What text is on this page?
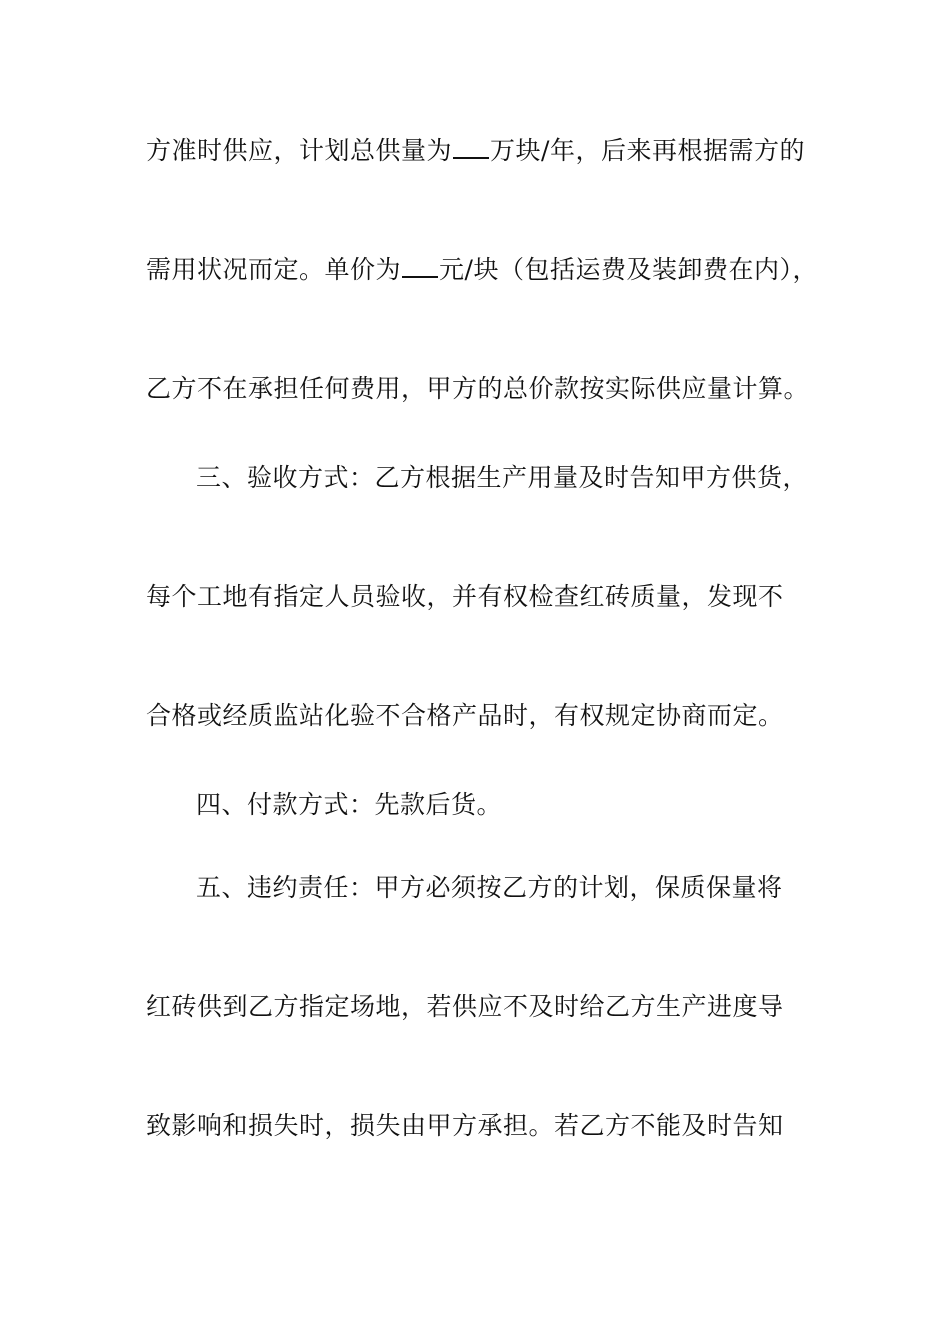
方准时供应，计划总供量为 万块/年，后来再根据需方的
需用状况而定。单价为 元/块（包括运费及装卸费在内），
乙方不在承担任何费用，甲方的总价款按实际供应量计算。
三、验收方式：乙方根据生产用量及时告知甲方供货，
每个工地有指定人员验收，并有权检查红砖质量，发现不
合格或经质监站化验不合格产品时，有权规定协商而定。
四、付款方式：先款后货。
五、违约责任：甲方必须按乙方的计划，保质保量将
红砖供到乙方指定场地，若供应不及时给乙方生产进度导
致影响和损失时，损失由甲方承担。若乙方不能及时告知
